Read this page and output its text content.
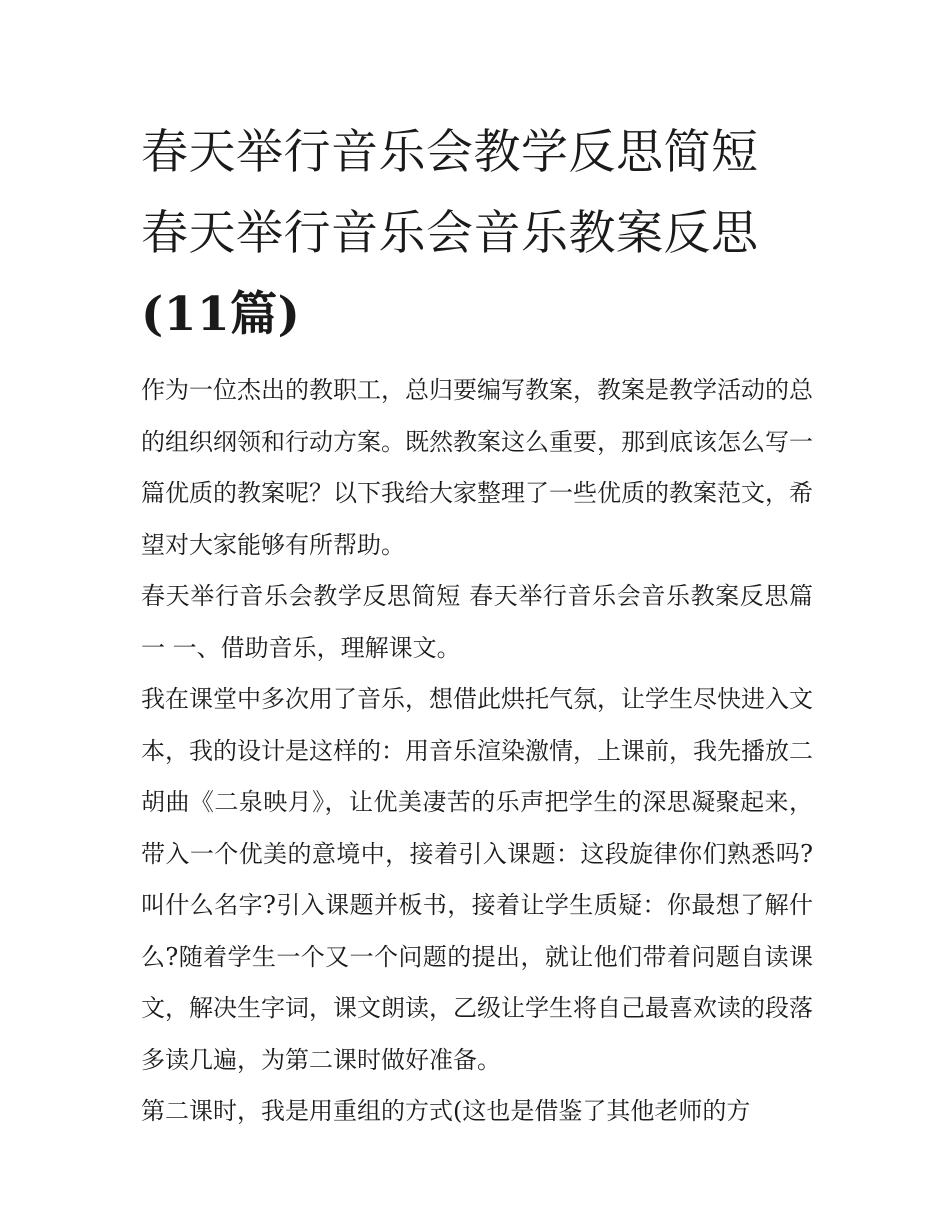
春天举行音乐会教学反思简短
春天举行音乐会音乐教案反思
(11篇)

作为一位杰出的教职工，总归要编写教案，教案是教学活动的总的组织纲领和行动方案。既然教案这么重要，那到底该怎么写一篇优质的教案呢？以下我给大家整理了一些优质的教案范文，希望对大家能够有所帮助。

春天举行音乐会教学反思简短 春天举行音乐会音乐教案反思篇一 一、借助音乐，理解课文。

我在课堂中多次用了音乐，想借此烘托气氛，让学生尽快进入文本，我的设计是这样的：用音乐渲染激情，上课前，我先播放二胡曲《二泉映月》，让优美凄苦的乐声把学生的深思凝聚起来，带入一个优美的意境中，接着引入课题：这段旋律你们熟悉吗?叫什么名字?引入课题并板书，接着让学生质疑：你最想了解什么?随着学生一个又一个问题的提出，就让他们带着问题自读课文，解决生字词，课文朗读，乙级让学生将自己最喜欢读的段落多读几遍，为第二课时做好准备。

第二课时，我是用重组的方式(这也是借鉴了其他老师的方
